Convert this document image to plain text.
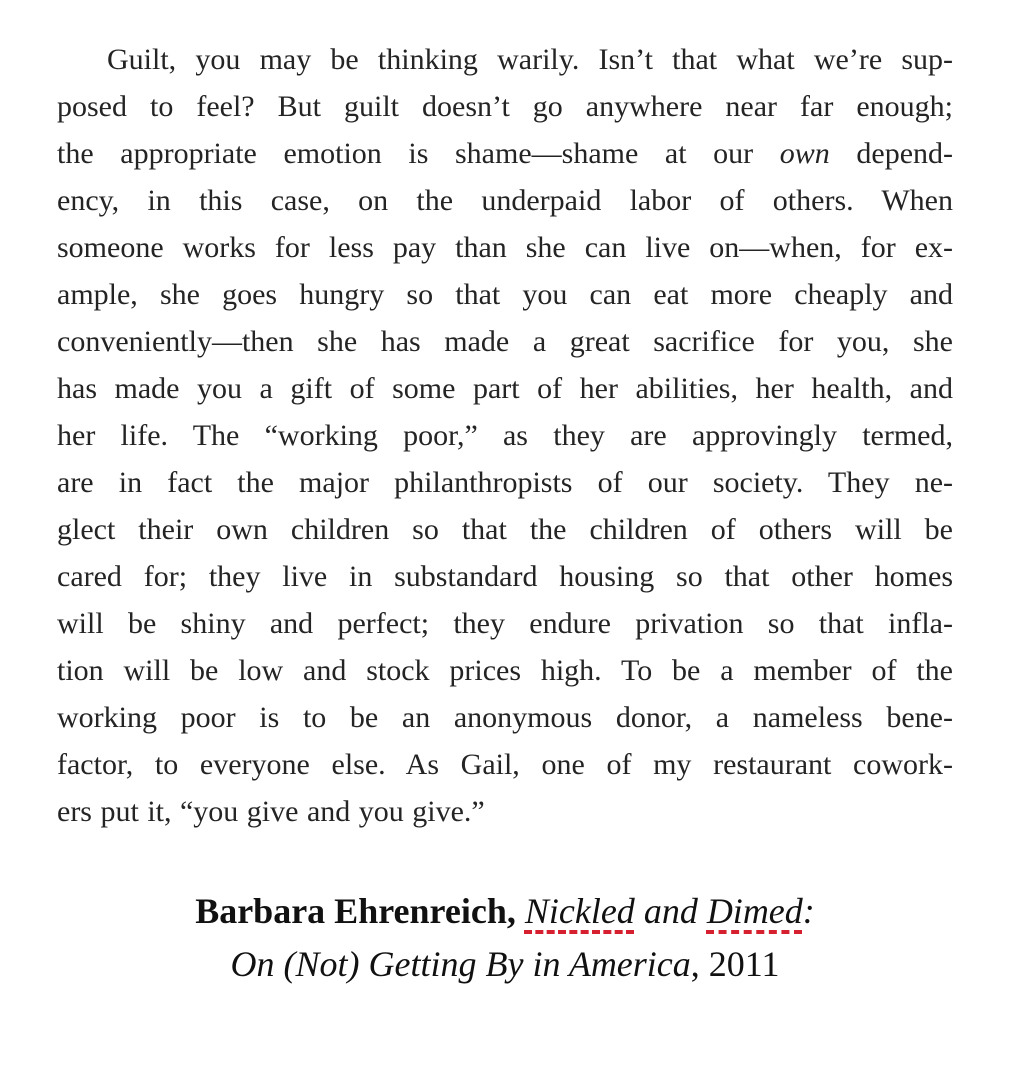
Guilt, you may be thinking warily. Isn’t that what we’re sup-
posed to feel? But guilt doesn’t go anywhere near far enough;
the appropriate emotion is shame—shame at our own depend-
ency, in this case, on the underpaid labor of others. When
someone works for less pay than she can live on—when, for ex-
ample, she goes hungry so that you can eat more cheaply and
conveniently—then she has made a great sacrifice for you, she
has made you a gift of some part of her abilities, her health, and
her life. The “working poor,” as they are approvingly termed,
are in fact the major philanthropists of our society. They ne-
glect their own children so that the children of others will be
cared for; they live in substandard housing so that other homes
will be shiny and perfect; they endure privation so that infla-
tion will be low and stock prices high. To be a member of the
working poor is to be an anonymous donor, a nameless bene-
factor, to everyone else. As Gail, one of my restaurant cowork-
ers put it, “you give and you give.”
Barbara Ehrenreich, Nickled and Dimed:
On (Not) Getting By in America, 2011
